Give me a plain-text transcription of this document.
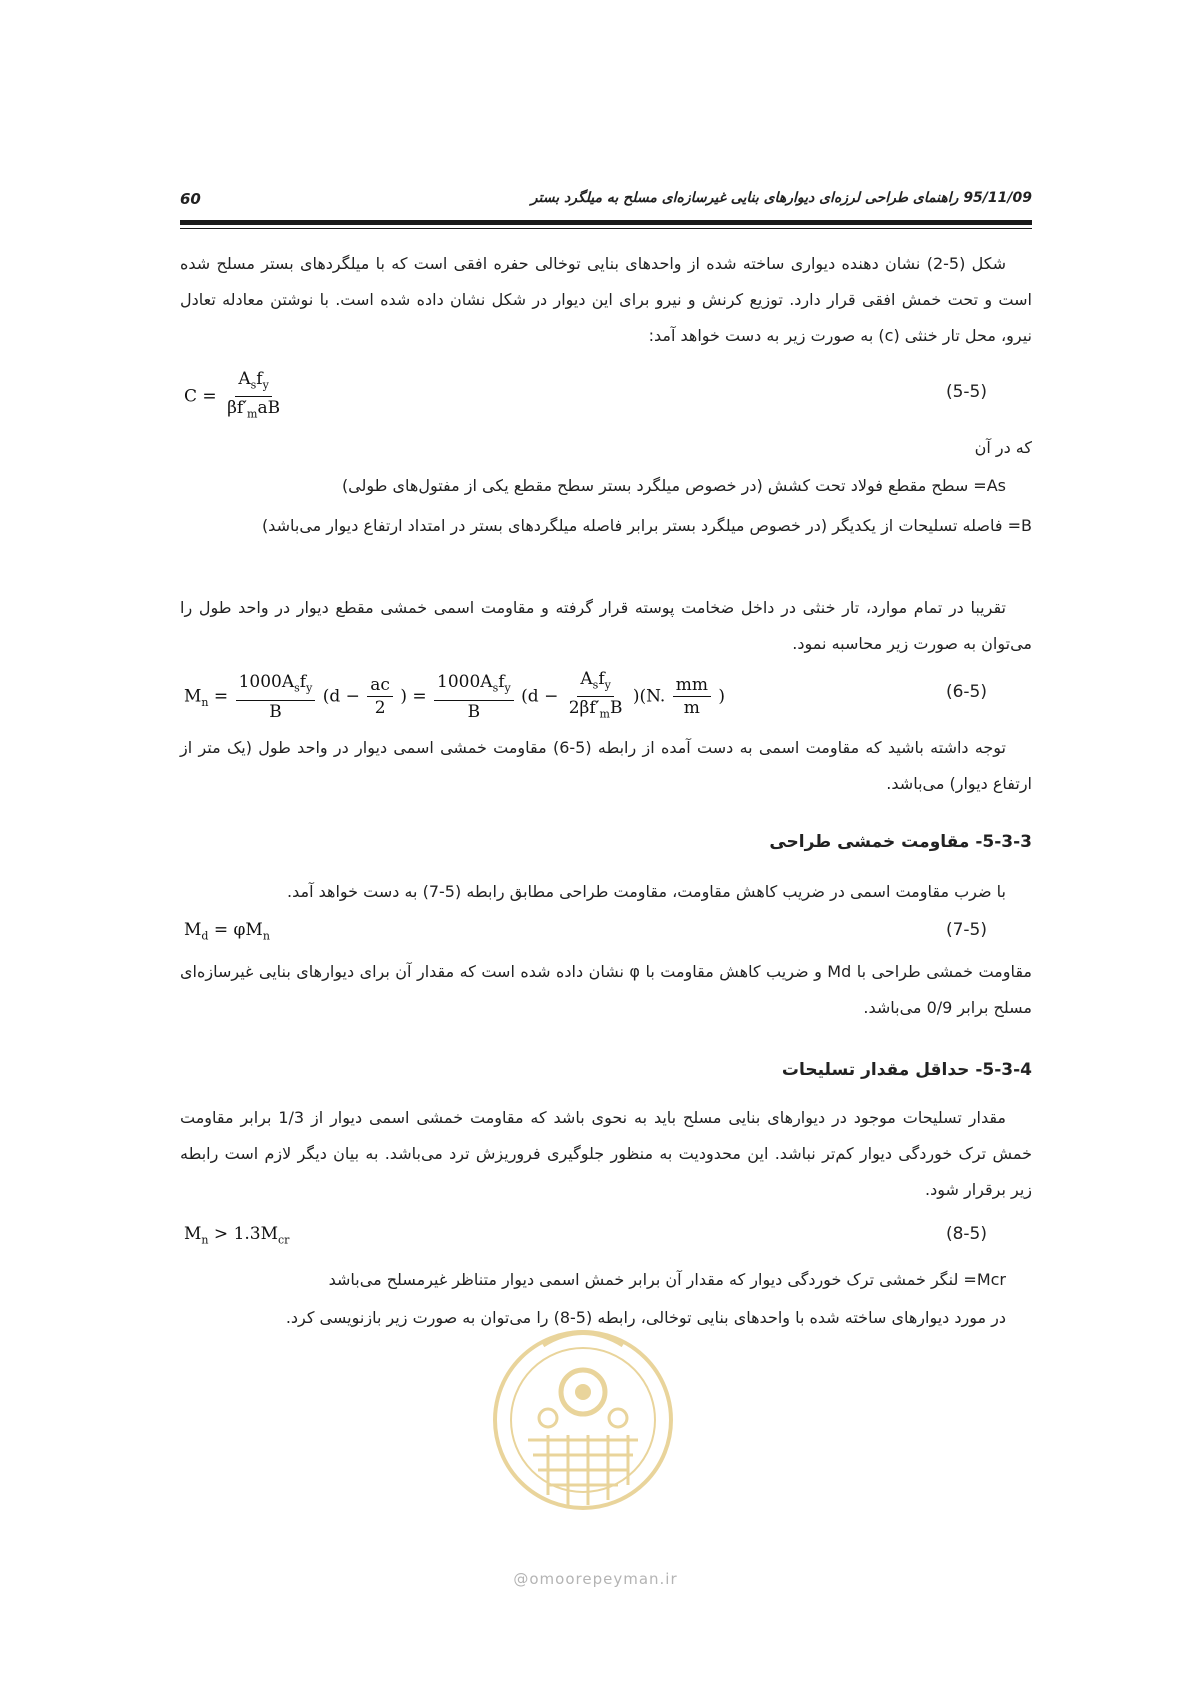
60	95/11/09 راهنمای طراحی لرزه‌ای دیوارهای بنایی غیرسازه‌ای مسلح به میلگرد بستر
شکل (5-2) نشان دهنده دیواری ساخته شده از واحدهای بنایی توخالی حفره افقی است که با میلگردهای بستر مسلح شده است و تحت خمش افقی قرار دارد. توزیع کرنش و نیرو برای این دیوار در شکل نشان داده شده است. با نوشتن معادله تعادل نیرو، محل تار خنثی (c) به صورت زیر به دست خواهد آمد:
$C = \frac{A_sf_y}{\beta f'_maB}$	(5-5)
که در آن
As= سطح مقطع فولاد تحت کشش (در خصوص میلگرد بستر سطح مقطع یکی از مفتول‌های طولی)
B= فاصله تسلیحات از یکدیگر (در خصوص میلگرد بستر برابر فاصله میلگردهای بستر در امتداد ارتفاع دیوار می‌باشد)
تقریبا در تمام موارد، تار خنثی در داخل ضخامت پوسته قرار گرفته و مقاومت اسمی خمشی مقطع دیوار در واحد طول را می‌توان به صورت زیر محاسبه نمود.
$M_n = \frac{1000A_sf_y}{B} (d - \frac{ac}{2}$ ) = $\frac{1000A_sf_y}{B} (d - \frac{A_sf_y}{2\beta f'_mB} )(N$. $\frac{mm}{m}$ )	(6-5)
توجه داشته باشید که مقاومت اسمی به دست آمده از رابطه (5-6) مقاومت خمشی اسمی دیوار در واحد طول (یک متر از ارتفاع دیوار) می‌باشد.
5-3-3- مقاومت خمشی طراحی
با ضرب مقاومت اسمی در ضریب کاهش مقاومت، مقاومت طراحی مطابق رابطه (5-7) به دست خواهد آمد.
$M_d = \varphi M_n$	(7-5)
مقاومت خمشی طراحی با Md و ضریب کاهش مقاومت با φ نشان داده شده است که مقدار آن برای دیوارهای بنایی غیرسازه‌ای مسلح برابر 0/9 می‌باشد.
5-3-4- حداقل مقدار تسلیحات
مقدار تسلیحات موجود در دیوارهای بنایی مسلح باید به نحوی باشد که مقاومت خمشی اسمی دیوار از 1/3 برابر مقاومت خمش ترک خوردگی دیوار کم‌تر نباشد. این محدودیت به منظور جلوگیری فروریزش ترد می‌باشد. به بیان دیگر لازم است رابطه زیر برقرار شود.
$M_n > 1.3M_{cr}$	(8-5)
Mcr= لنگر خمشی ترک خوردگی دیوار که مقدار آن برابر خمش اسمی دیوار متناظر غیرمسلح می‌باشد
در مورد دیوارهای ساخته شده با واحدهای بنایی توخالی، رابطه (5-8) را می‌توان به صورت زیر بازنویسی کرد.
@omoorepeyman.ir
